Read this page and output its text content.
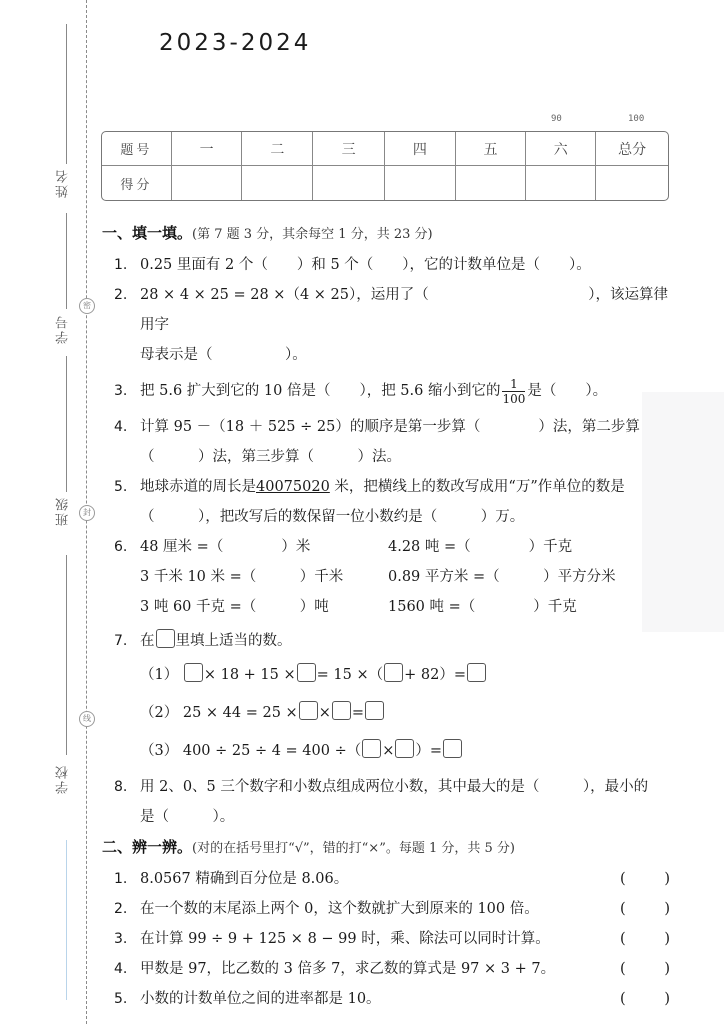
姓名
学号
班级
学校
密
封
线
2023-2024
90	100
题号	一	二	三	四	五	六	总分
得分							
一、填一填。(第 7 题 3 分，其余每空 1 分，共 23 分)
1. 0.25 里面有 2 个（　　）和 5 个（　　），它的计数单位是（　　）。
2. 28 × 4 × 25 = 28 ×（4 × 25），运用了（　　　　　　　　　　　），该运算律用字
母表示是（　　　　　）。
3. 把 5.6 扩大到它的 10 倍是（　　），把 5.6 缩小到它的 $\frac{1}{100}$ 是（　　）。
4. 计算 95 －（18 ＋ 525 ÷ 25）的顺序是第一步算（　　　　）法，第二步算
（　　　）法，第三步算（　　　）法。
5. 地球赤道的周长是40075020 米，把横线上的数改写成用“万”作单位的数是
（　　　），把改写后的数保留一位小数约是（　　　）万。
6. 48 厘米 =（　　　　）米	4.28 吨 =（　　　　）千克
3 千米 10 米 =（　　　）千米	0.89 平方米 =（　　　）平方分米
3 吨 60 千克 =（　　　）吨	1560 吨 =（　　　　）千克
7. 在 里填上适当的数。
（1） × 18 + 15 × = 15 ×（ + 82）=
（2） 25 × 44 = 25 × × =
（3） 400 ÷ 25 ÷ 4 = 400 ÷（ × ）=
8. 用 2、0、5 三个数字和小数点组成两位小数，其中最大的是（　　　），最小的
是（　　　）。
二、辨一辨。(对的在括号里打“√”，错的打“×”。每题 1 分，共 5 分)
1. 8.0567 精确到百分位是 8.06。	(	)
2. 在一个数的末尾添上两个 0，这个数就扩大到原来的 100 倍。	(	)
3. 在计算 99 ÷ 9 + 125 × 8 − 99 时，乘、除法可以同时计算。	(	)
4. 甲数是 97，比乙数的 3 倍多 7，求乙数的算式是 97 × 3 + 7。	(	)
5. 小数的计数单位之间的进率都是 10。	(	)
